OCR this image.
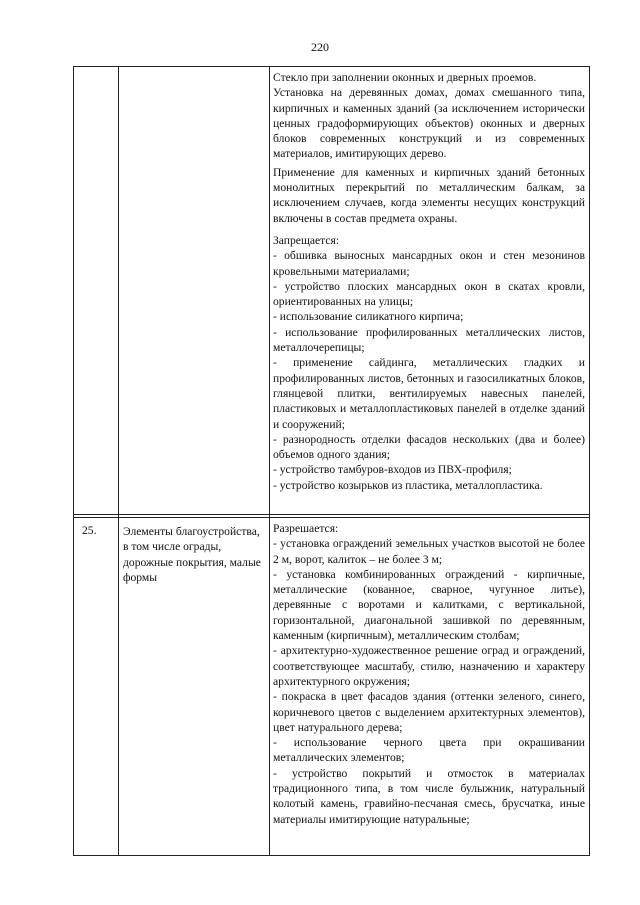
220
Стекло при заполнении оконных и дверных проемов.
Установка на деревянных домах, домах смешанного типа, кирпичных и каменных зданий (за исключением исторически ценных градоформирующих объектов) оконных и дверных блоков современных конструкций и из современных материалов, имитирующих дерево.
Применение для каменных и кирпичных зданий бетонных монолитных перекрытий по металлическим балкам, за исключением случаев, когда элементы несущих конструкций включены в состав предмета охраны.
Запрещается:
- обшивка выносных мансардных окон и стен мезонинов кровельными материалами;
- устройство плоских мансардных окон в скатах кровли, ориентированных на улицы;
- использование силикатного кирпича;
- использование профилированных металлических листов, металлочерепицы;
- применение сайдинга, металлических гладких и профилированных листов, бетонных и газосиликатных блоков, глянцевой плитки, вентилируемых навесных панелей, пластиковых и металлопластиковых панелей в отделке зданий и сооружений;
- разнородность отделки фасадов нескольких (два и более) объемов одного здания;
- устройство тамбуров-входов из ПВХ-профиля;
- устройство козырьков из пластика, металлопластика.
25.	Элементы благоустройства, в том числе ограды, дорожные покрытия, малые формы
Разрешается:
- установка ограждений земельных участков высотой не более 2 м, ворот, калиток – не более 3 м;
- установка комбинированных ограждений - кирпичные, металлические (кованное, сварное, чугунное литье), деревянные с воротами и калитками, с вертикальной, горизонтальной, диагональной зашивкой по деревянным, каменным (кирпичным), металлическим столбам;
- архитектурно-художественное решение оград и ограждений, соответствующее масштабу, стилю, назначению и характеру архитектурного окружения;
- покраска в цвет фасадов здания (оттенки зеленого, синего, коричневого цветов с выделением архитектурных элементов), цвет натурального дерева;
- использование черного цвета при окрашивании металлических элементов;
- устройство покрытий и отмосток в материалах традиционного типа, в том числе булыжник, натуральный колотый камень, гравийно-песчаная смесь, брусчатка, иные материалы имитирующие натуральные;
